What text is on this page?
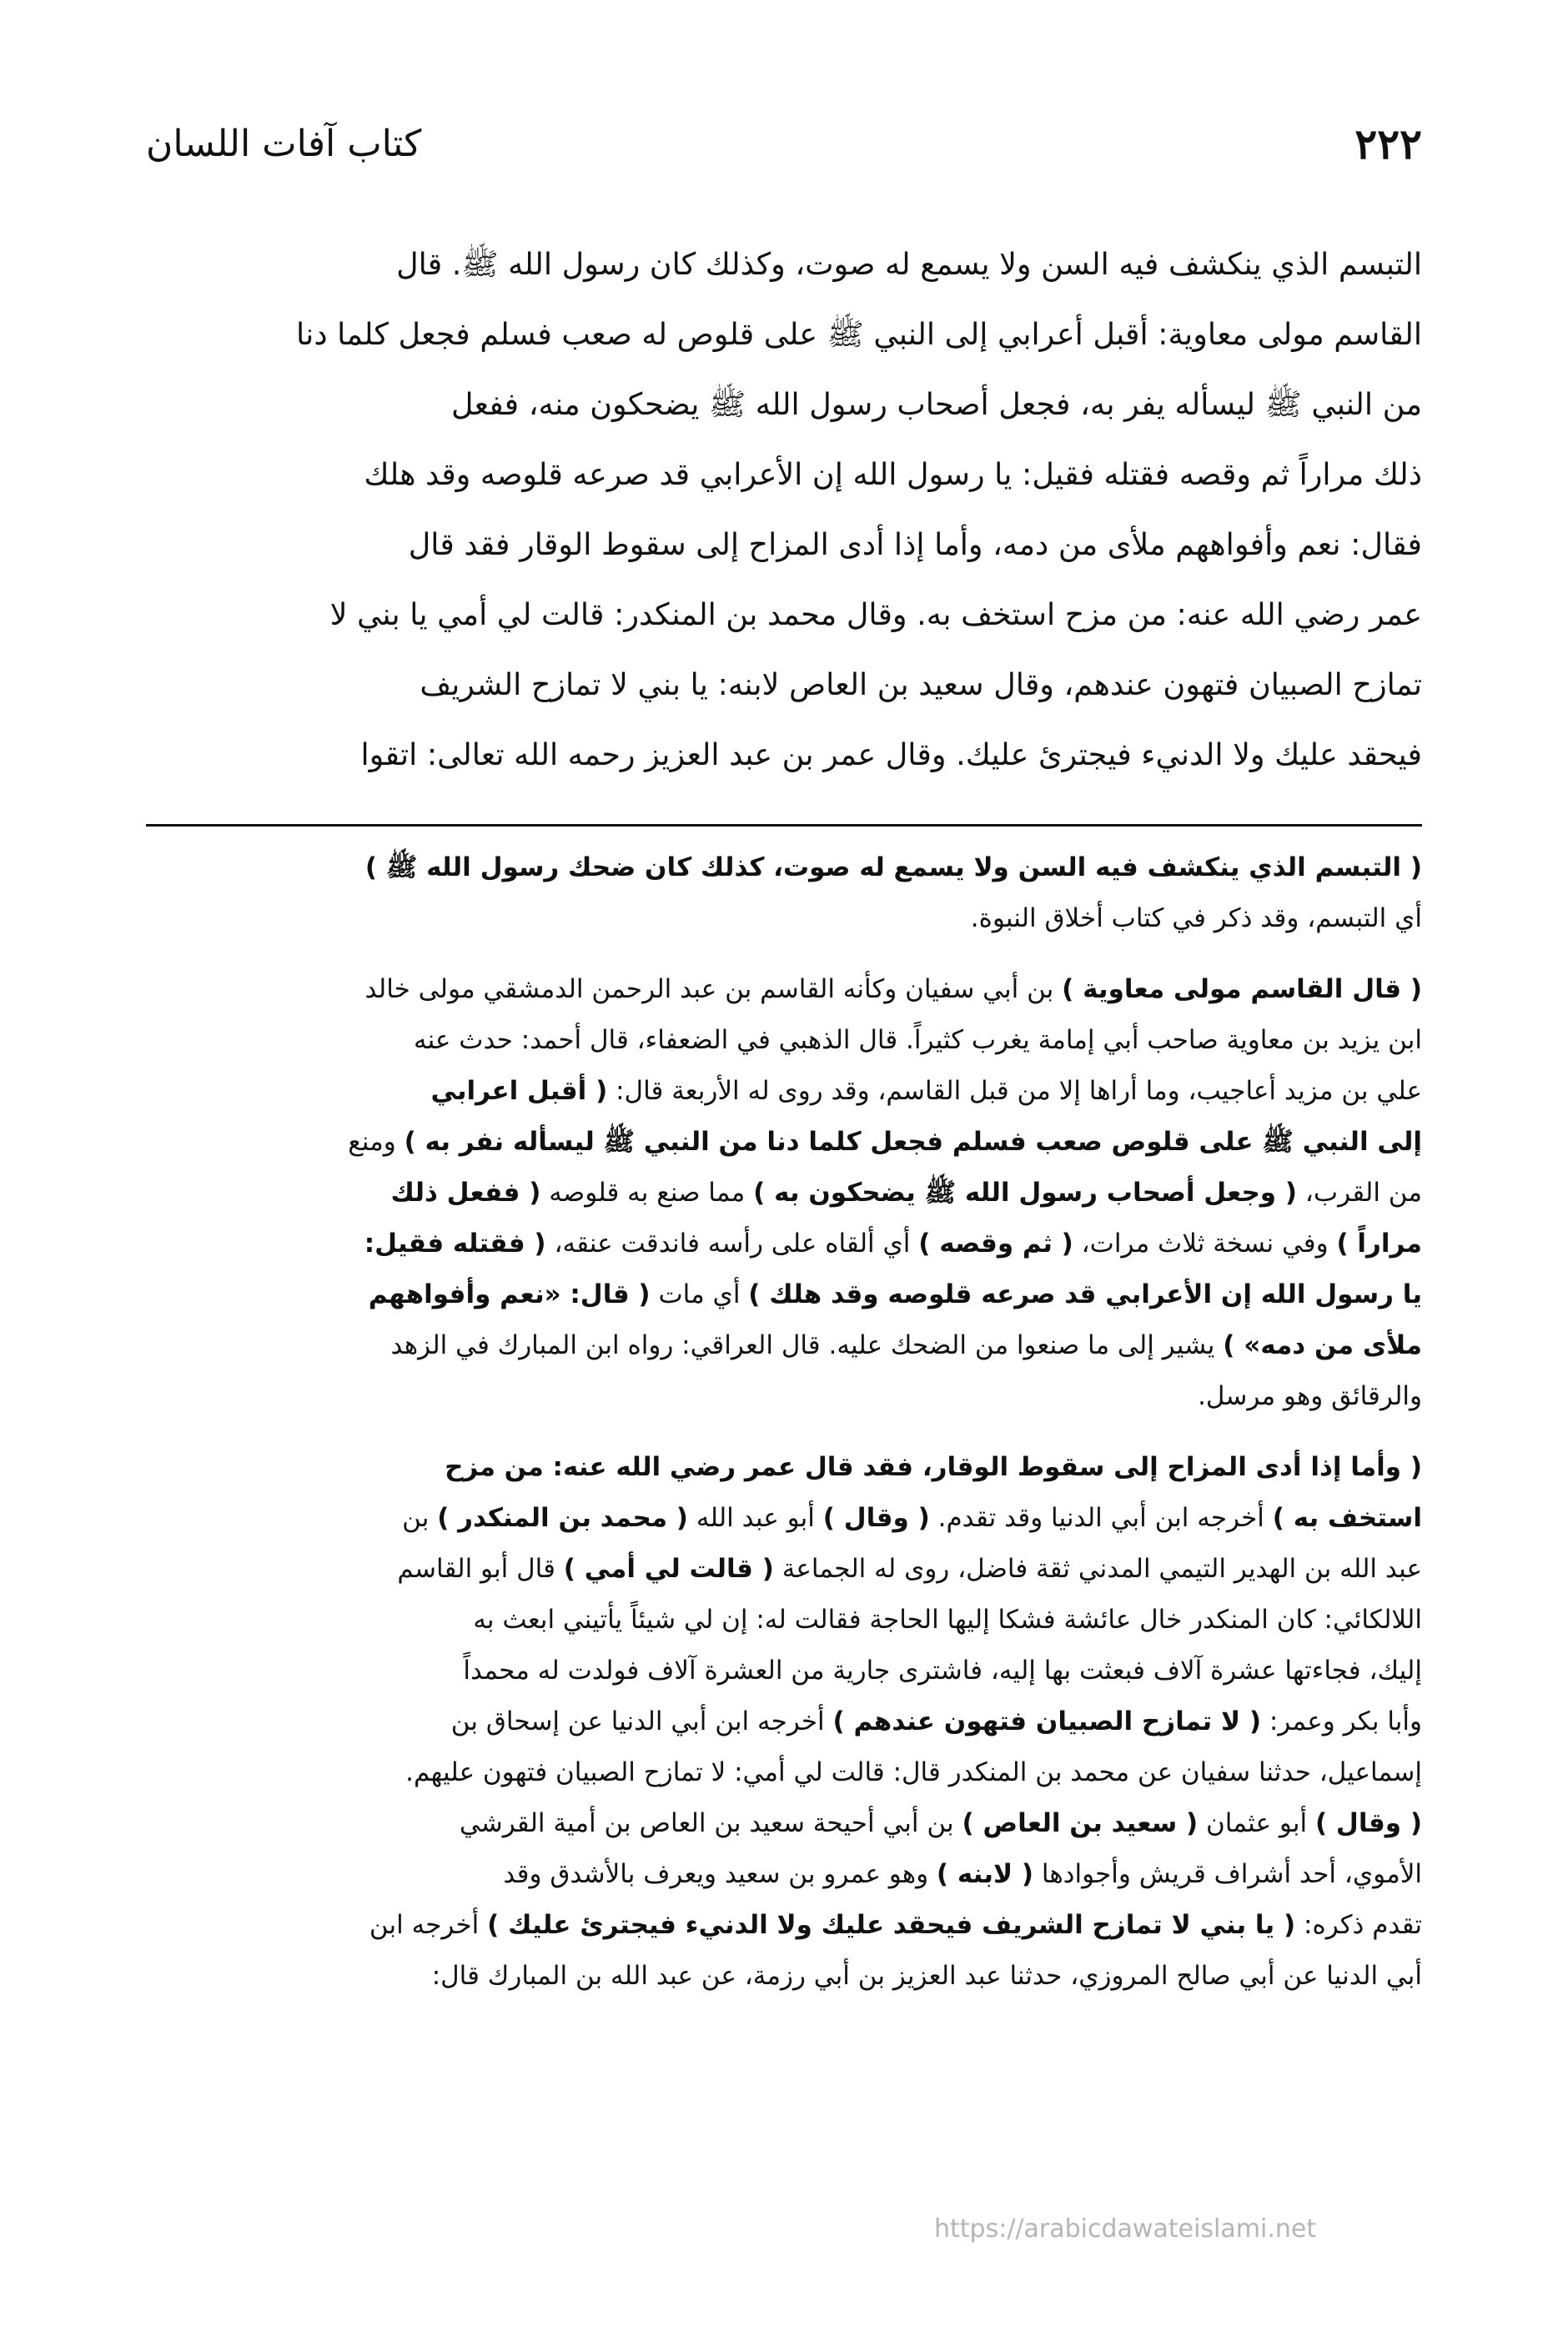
٢٢٢
كتاب آفات اللسان
التبسم الذي ينكشف فيه السن ولا يسمع له صوت، وكذلك كان رسول الله ﷺ. قال
القاسم مولى معاوية: أقبل أعرابي إلى النبي ﷺ على قلوص له صعب فسلم فجعل كلما دنا
من النبي ﷺ ليسأله يفر به، فجعل أصحاب رسول الله ﷺ يضحكون منه، ففعل
ذلك مراراً ثم وقصه فقتله فقيل: يا رسول الله إن الأعرابي قد صرعه قلوصه وقد هلك
فقال: نعم وأفواههم ملأى من دمه، وأما إذا أدى المزاح إلى سقوط الوقار فقد قال
عمر رضي الله عنه: من مزح استخف به. وقال محمد بن المنكدر: قالت لي أمي يا بني لا
تمازح الصبيان فتهون عندهم، وقال سعيد بن العاص لابنه: يا بني لا تمازح الشريف
فيحقد عليك ولا الدنيء فيجترئ عليك. وقال عمر بن عبد العزيز رحمه الله تعالى: اتقوا
( التبسم الذي ينكشف فيه السن ولا يسمع له صوت، كذلك كان ضحك رسول الله ﷺ )
أي التبسم، وقد ذكر في كتاب أخلاق النبوة.
( قال القاسم مولى معاوية ) بن أبي سفيان وكأنه القاسم بن عبد الرحمن الدمشقي مولى خالد
ابن يزيد بن معاوية صاحب أبي إمامة يغرب كثيراً. قال الذهبي في الضعفاء، قال أحمد: حدث عنه
علي بن مزيد أعاجيب، وما أراها إلا من قبل القاسم، وقد روى له الأربعة قال: ( أقبل اعرابي
إلى النبي ﷺ على قلوص صعب فسلم فجعل كلما دنا من النبي ﷺ ليسأله نفر به ) ومنع
من القرب، ( وجعل أصحاب رسول الله ﷺ يضحكون به ) مما صنع به قلوصه ( ففعل ذلك
مراراً ) وفي نسخة ثلاث مرات، ( ثم وقصه ) أي ألقاه على رأسه فاندقت عنقه، ( فقتله فقيل:
يا رسول الله إن الأعرابي قد صرعه قلوصه وقد هلك ) أي مات ( قال: «نعم وأفواههم
ملأى من دمه» ) يشير إلى ما صنعوا من الضحك عليه. قال العراقي: رواه ابن المبارك في الزهد
والرقائق وهو مرسل.
( وأما إذا أدى المزاح إلى سقوط الوقار، فقد قال عمر رضي الله عنه: من مزح
استخف به ) أخرجه ابن أبي الدنيا وقد تقدم. ( وقال ) أبو عبد الله ( محمد بن المنكدر ) بن
عبد الله بن الهدير التيمي المدني ثقة فاضل، روى له الجماعة ( قالت لي أمي ) قال أبو القاسم
اللالكائي: كان المنكدر خال عائشة فشكا إليها الحاجة فقالت له: إن لي شيئاً يأتيني ابعث به
إليك، فجاءتها عشرة آلاف فبعثت بها إليه، فاشترى جارية من العشرة آلاف فولدت له محمداً
وأبا بكر وعمر: ( لا تمازح الصبيان فتهون عندهم ) أخرجه ابن أبي الدنيا عن إسحاق بن
إسماعيل، حدثنا سفيان عن محمد بن المنكدر قال: قالت لي أمي: لا تمازح الصبيان فتهون عليهم.
( وقال ) أبو عثمان ( سعيد بن العاص ) بن أبي أحيحة سعيد بن العاص بن أمية القرشي
الأموي، أحد أشراف قريش وأجوادها ( لابنه ) وهو عمرو بن سعيد ويعرف بالأشدق وقد
تقدم ذكره: ( يا بني لا تمازح الشريف فيحقد عليك ولا الدنيء فيجترئ عليك ) أخرجه ابن
أبي الدنيا عن أبي صالح المروزي، حدثنا عبد العزيز بن أبي رزمة، عن عبد الله بن المبارك قال:
https://arabicdawateislami.net
